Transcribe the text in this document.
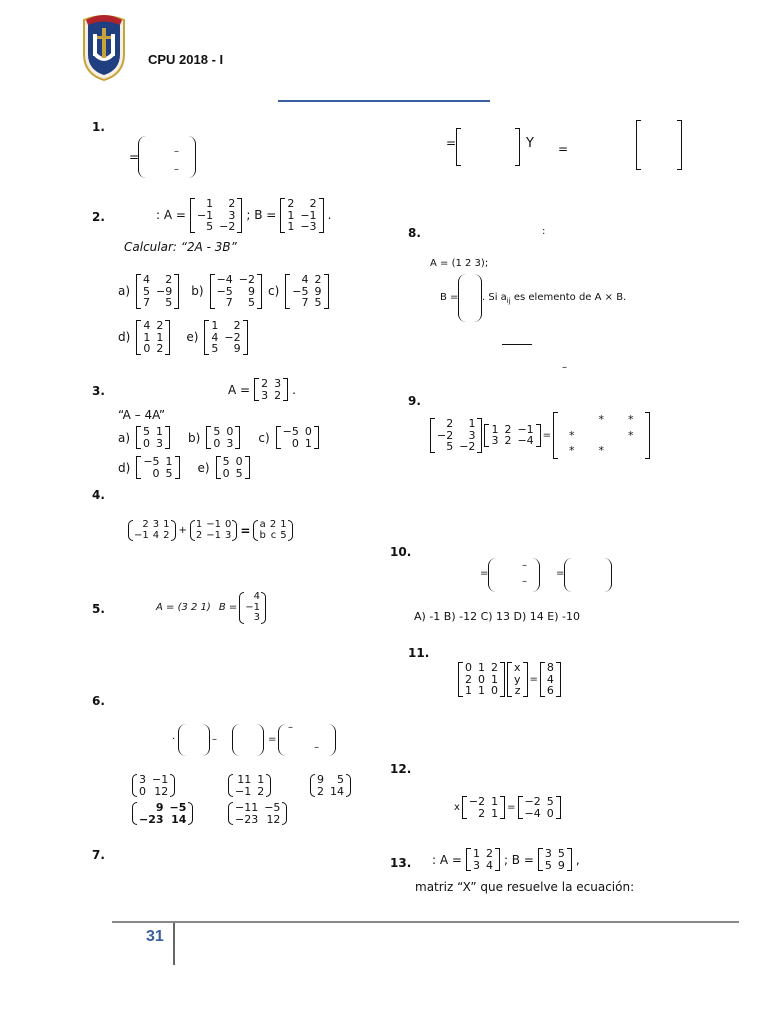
CPU 2018 - I
1.
=	–
–
2.	: A =
1	2
−1	3
5	−2
; B =
2	2
1	−1
1	−3
.
Calcular: “2A - 3B”
a)
4	2
5	−9
7	5
b)
−4	−2
−5	9
7	5
c)
4	2
−5	9
7	5
d)
4	2
1	1
0	2
e)
1	2
4	−2
5	9
3.	A = 2	3
3	2 .
“A – 4A”
a) 5	1
0	3 b) 5	0
0	3 c) −5	0
0	1
d) −5	1
0	5 e) 5	0
0	5
4.
2	3	1
−1	4	2 +
1	−1	0
2	−1	3 = a	2	1
b	c	5
5.	A = (3 2 1) B =
4
−1
3
6.
·	–	=
–
–
3	−1
0	12
11	1
−1	2
9	5
2	14
9	−5
−23	14
−11	−5
−23	12
7.
=
	Y =
8.	:
A = (1 2 3);
B = . Si $a_{ij}$ es elemento de A × B.
–
9.
2	1
−2	3
5	−2
1	2	−1
3	2	−4 =
	*	*
*		*
*	*	
10.
=
–
–
=
A) -1 B) -12 C) 13 D) 14 E) -10
11.
0	1	2
2	0	1
1	1	0
x
y
z
=
8
4
6
12.
x −2	1
2	1 = −2	5
−4	0
13. : A = 1	2
3	4 ; B = 3	5
5	9 ,
matriz “X” que resuelve la ecuación:
31
